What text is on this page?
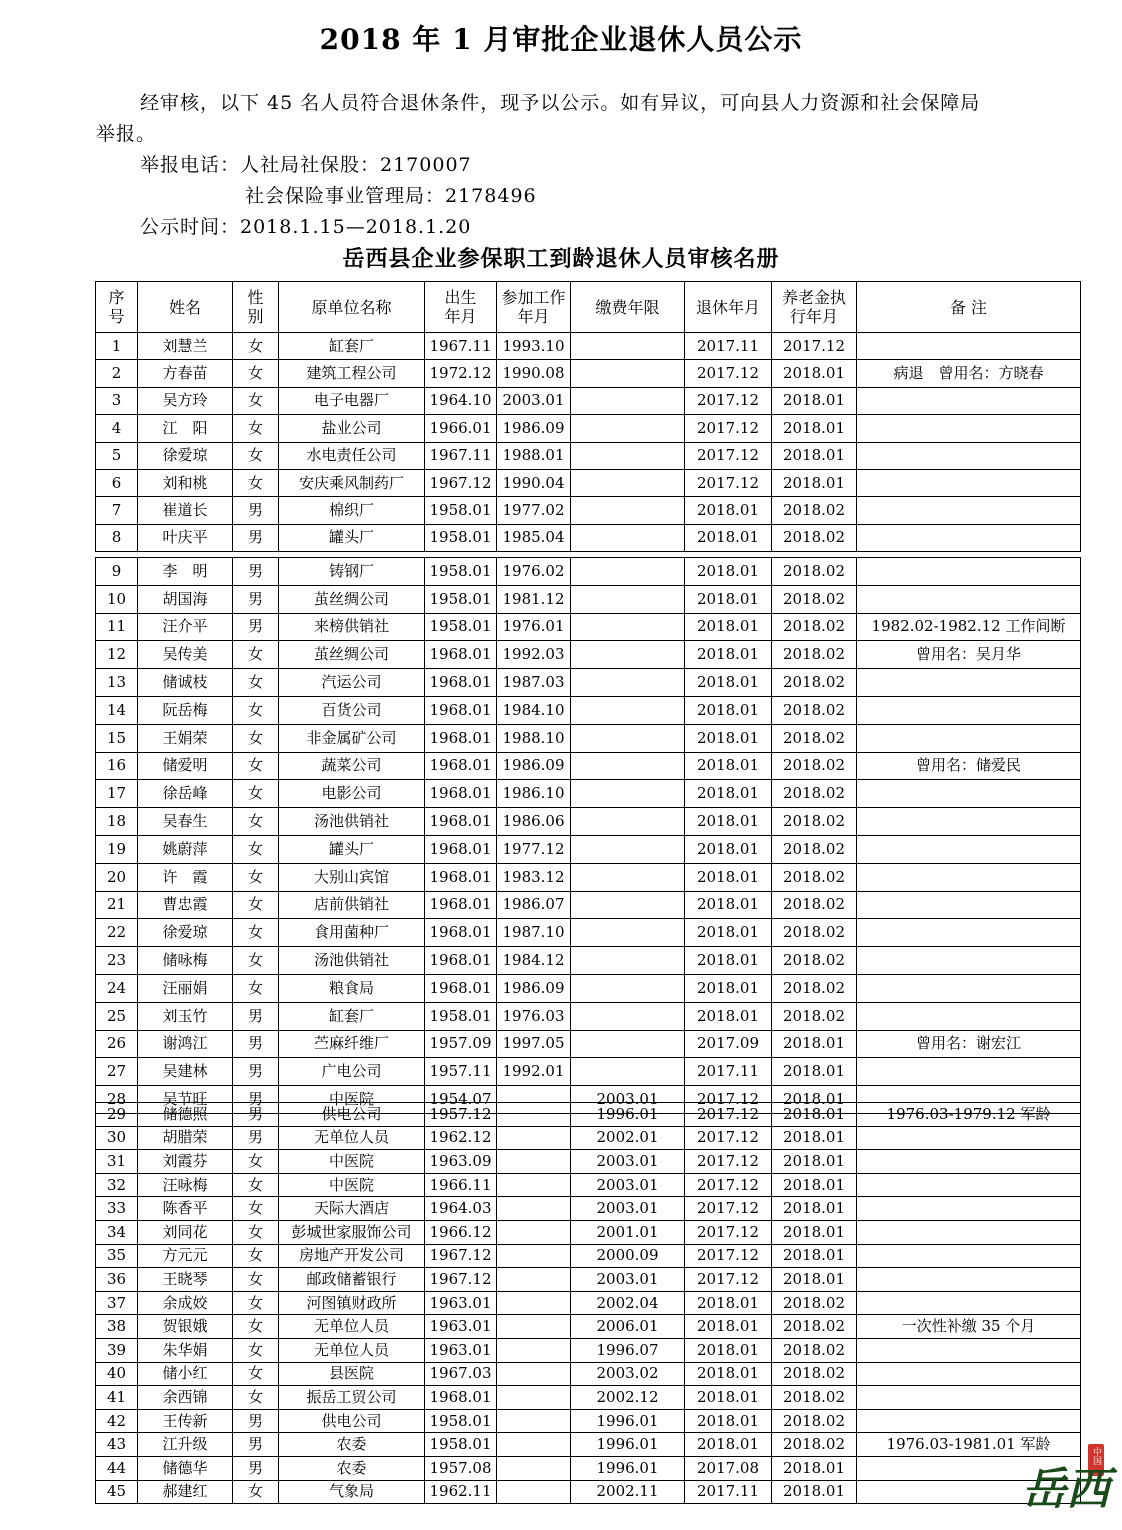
2018 年 1 月审批企业退休人员公示
经审核，以下 45 名人员符合退休条件，现予以公示。如有异议，可向县人力资源和社会保障局
举报。
举报电话：人社局社保股：2170007
社会保险事业管理局：2178496
公示时间：2018.1.15—2018.1.20
岳西县企业参保职工到龄退休人员审核名册
序号	姓名	性别	原单位名称	出生年月	参加工作年月	缴费年限	退休年月	养老金执行年月	备 注
1	刘慧兰	女	缸套厂	1967.11	1993.10		2017.11	2017.12	
2	方春苗	女	建筑工程公司	1972.12	1990.08		2017.12	2018.01	病退　曾用名：方晓春
3	吴方玲	女	电子电器厂	1964.10	2003.01		2017.12	2018.01	
4	江　阳	女	盐业公司	1966.01	1986.09		2017.12	2018.01	
5	徐爱琼	女	水电责任公司	1967.11	1988.01		2017.12	2018.01	
6	刘和桃	女	安庆乘风制药厂	1967.12	1990.04		2017.12	2018.01	
7	崔道长	男	棉织厂	1958.01	1977.02		2018.01	2018.02	
8	叶庆平	男	罐头厂	1958.01	1985.04		2018.01	2018.02	
9	李　明	男	铸钢厂	1958.01	1976.02		2018.01	2018.02	
10	胡国海	男	茧丝绸公司	1958.01	1981.12		2018.01	2018.02	
11	汪介平	男	来榜供销社	1958.01	1976.01		2018.01	2018.02	1982.02-1982.12 工作间断
12	吴传美	女	茧丝绸公司	1968.01	1992.03		2018.01	2018.02	曾用名：吴月华
13	储诚枝	女	汽运公司	1968.01	1987.03		2018.01	2018.02	
14	阮岳梅	女	百货公司	1968.01	1984.10		2018.01	2018.02	
15	王娟荣	女	非金属矿公司	1968.01	1988.10		2018.01	2018.02	
16	储爱明	女	蔬菜公司	1968.01	1986.09		2018.01	2018.02	曾用名：储爱民
17	徐岳峰	女	电影公司	1968.01	1986.10		2018.01	2018.02	
18	吴春生	女	汤池供销社	1968.01	1986.06		2018.01	2018.02	
19	姚蔚萍	女	罐头厂	1968.01	1977.12		2018.01	2018.02	
20	许　霞	女	大别山宾馆	1968.01	1983.12		2018.01	2018.02	
21	曹忠霞	女	店前供销社	1968.01	1986.07		2018.01	2018.02	
22	徐爱琼	女	食用菌种厂	1968.01	1987.10		2018.01	2018.02	
23	储咏梅	女	汤池供销社	1968.01	1984.12		2018.01	2018.02	
24	汪丽娟	女	粮食局	1968.01	1986.09		2018.01	2018.02	
25	刘玉竹	男	缸套厂	1958.01	1976.03		2018.01	2018.02	
26	谢鸿江	男	苎麻纤维厂	1957.09	1997.05		2017.09	2018.01	曾用名：谢宏江
27	吴建林	男	广电公司	1957.11	1992.01		2017.11	2018.01	
28	吴节旺	男	中医院	1954.07		2003.01	2017.12	2018.01	
29	储德照	男	供电公司	1957.12		1996.01	2017.12	2018.01	1976.03-1979.12 军龄
30	胡腊荣	男	无单位人员	1962.12		2002.01	2017.12	2018.01	
31	刘霞芬	女	中医院	1963.09		2003.01	2017.12	2018.01	
32	汪咏梅	女	中医院	1966.11		2003.01	2017.12	2018.01	
33	陈香平	女	天际大酒店	1964.03		2003.01	2017.12	2018.01	
34	刘同花	女	彭城世家服饰公司	1966.12		2001.01	2017.12	2018.01	
35	方元元	女	房地产开发公司	1967.12		2000.09	2017.12	2018.01	
36	王晓琴	女	邮政储蓄银行	1967.12		2003.01	2017.12	2018.01	
37	余成姣	女	河图镇财政所	1963.01		2002.04	2018.01	2018.02	
38	贺银娥	女	无单位人员	1963.01		2006.01	2018.01	2018.02	一次性补缴 35 个月
39	朱华娟	女	无单位人员	1963.01		1996.07	2018.01	2018.02	
40	储小红	女	县医院	1967.03		2003.02	2018.01	2018.02	
41	余西锦	女	振岳工贸公司	1968.01		2002.12	2018.01	2018.02	
42	王传新	男	供电公司	1958.01		1996.01	2018.01	2018.02	
43	江升级	男	农委	1958.01		1996.01	2018.01	2018.02	1976.03-1981.01 军龄
44	储德华	男	农委	1957.08		1996.01	2017.08	2018.01	
45	郝建红	女	气象局	1962.11		2002.11	2017.11	2018.01	
中国
岳西
